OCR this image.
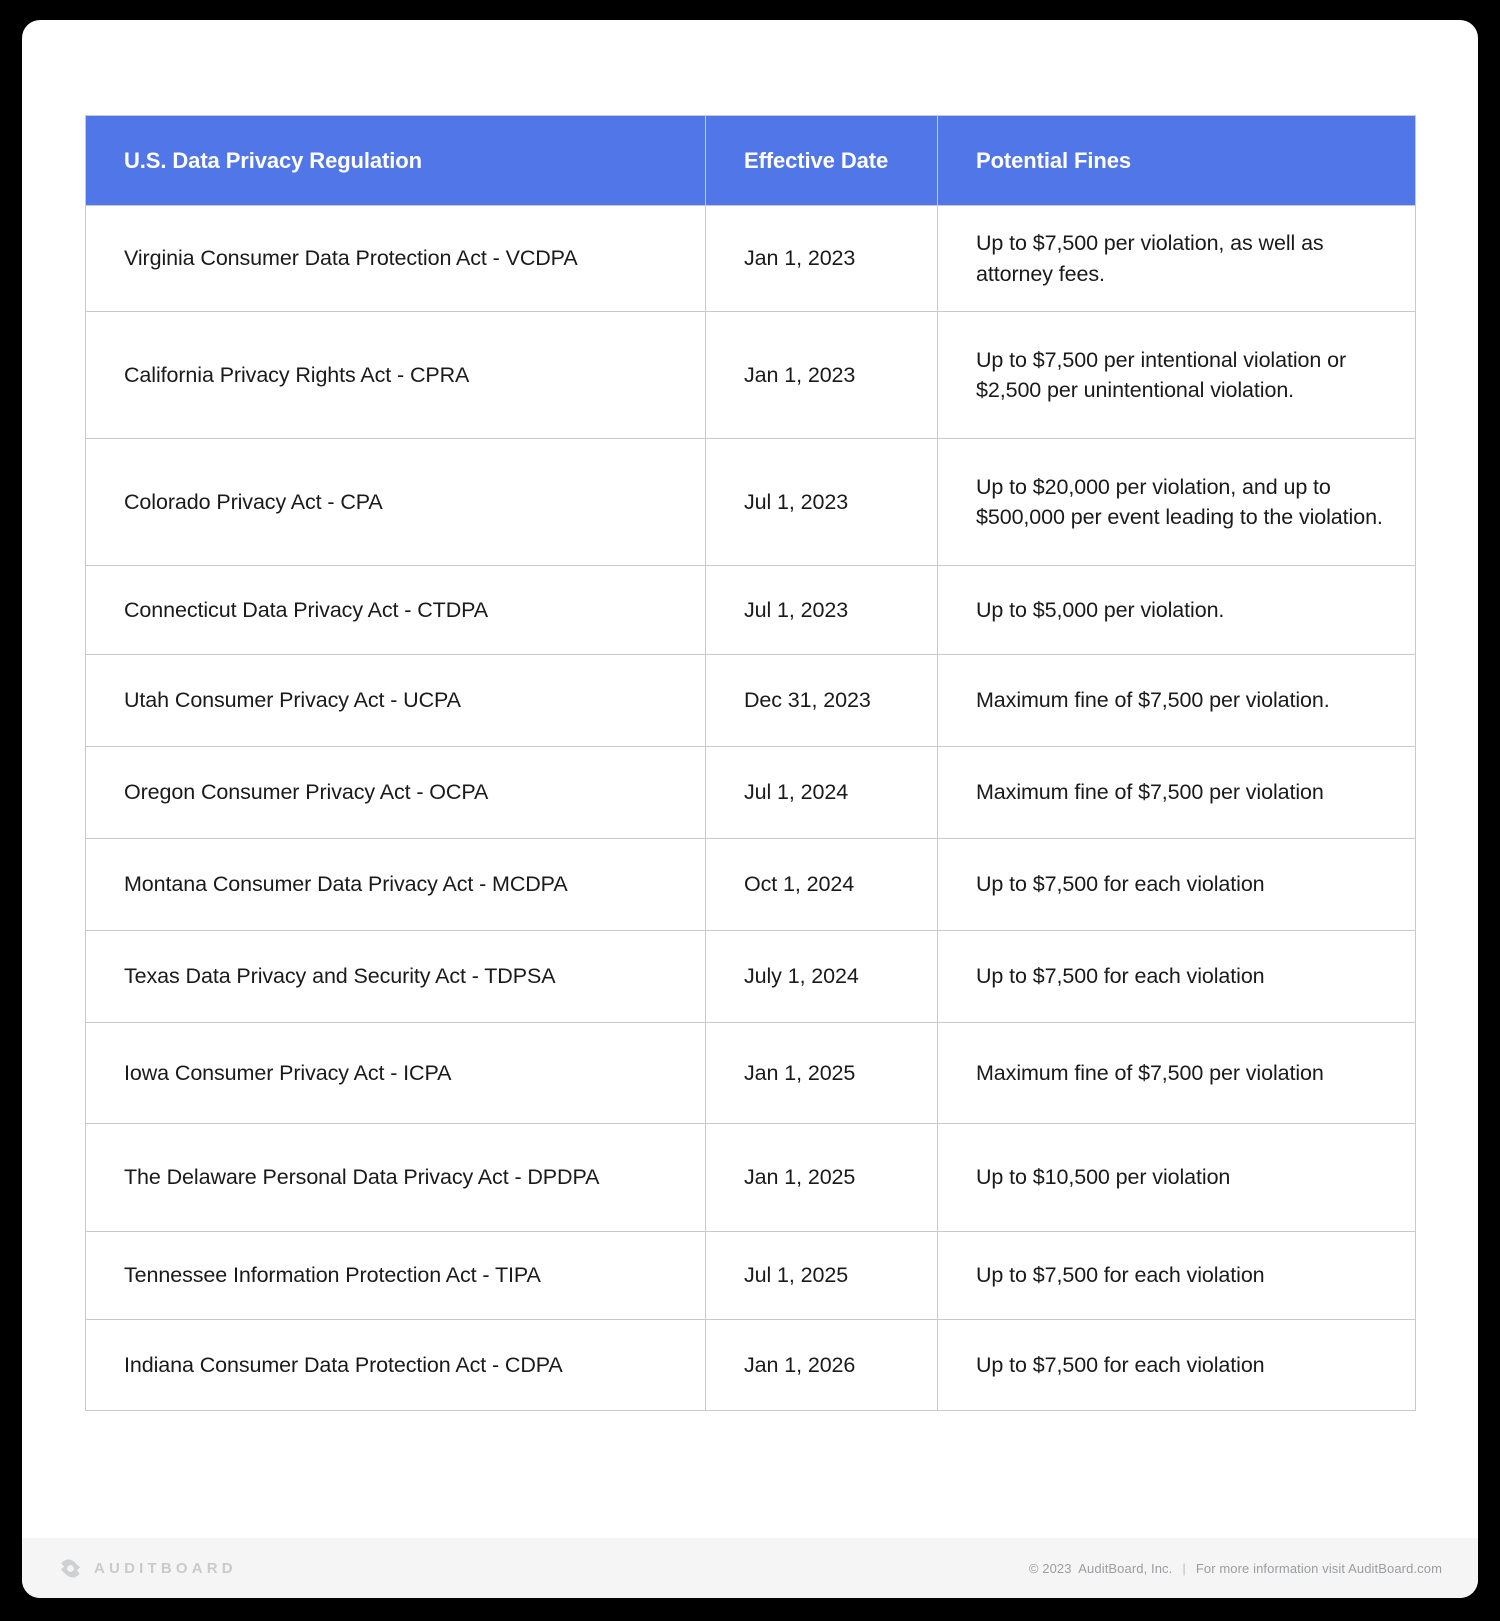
U.S. Data Privacy Regulation	Effective Date	Potential Fines
Virginia Consumer Data Protection Act - VCDPA	Jan 1, 2023	Up to $7,500 per violation, as well as attorney fees.
California Privacy Rights Act - CPRA	Jan 1, 2023	Up to $7,500 per intentional violation or $2,500 per unintentional violation.
Colorado Privacy Act - CPA	Jul 1, 2023	Up to $20,000 per violation, and up to $500,000 per event leading to the violation.
Connecticut Data Privacy Act - CTDPA	Jul 1, 2023	Up to $5,000 per violation.
Utah Consumer Privacy Act - UCPA	Dec 31, 2023	Maximum fine of $7,500 per violation.
Oregon Consumer Privacy Act - OCPA	Jul 1, 2024	Maximum fine of $7,500 per violation
Montana Consumer Data Privacy Act - MCDPA	Oct 1, 2024	Up to $7,500 for each violation
Texas Data Privacy and Security Act - TDPSA	July 1, 2024	Up to $7,500 for each violation
Iowa Consumer Privacy Act - ICPA	Jan 1, 2025	Maximum fine of $7,500 per violation
The Delaware Personal Data Privacy Act - DPDPA	Jan 1, 2025	Up to $10,500 per violation
Tennessee Information Protection Act - TIPA	Jul 1, 2025	Up to $7,500 for each violation
Indiana Consumer Data Protection Act - CDPA	Jan 1, 2026	Up to $7,500 for each violation
AUDITBOARD	© 2023  AuditBoard, Inc. | For more information visit AuditBoard.com
